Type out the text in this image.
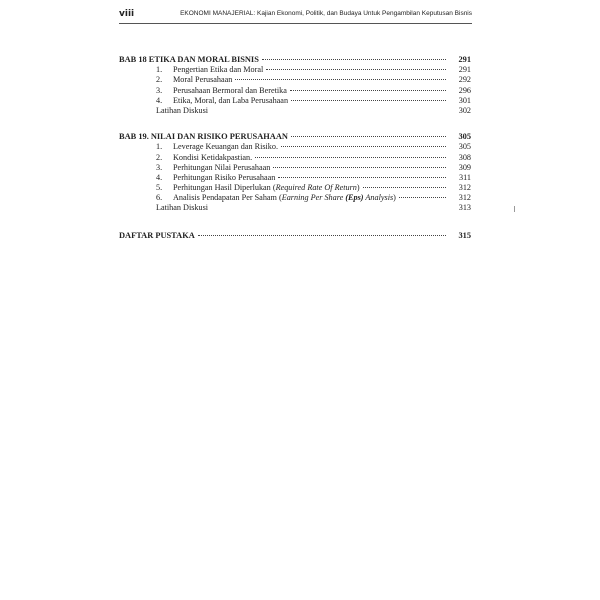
viii	EKONOMI MANAJERIAL: Kajian Ekonomi, Politik, dan Budaya Untuk Pengambilan Keputusan Bisnis
BAB 18 ETIKA DAN MORAL BISNIS	291
1. Pengertian Etika dan Moral	291
2. Moral Perusahaan	292
3. Perusahaan Bermoral dan Beretika	296
4. Etika, Moral, dan Laba Perusahaan	301
Latihan Diskusi	302
BAB 19. NILAI DAN RISIKO PERUSAHAAN	305
1. Leverage Keuangan dan Risiko.	305
2. Kondisi Ketidakpastian.	308
3. Perhitungan Nilai Perusahaan	309
4. Perhitungan Risiko Perusahaan	311
5. Perhitungan Hasil Diperlukan (Required Rate Of Return)	312
6. Analisis Pendapatan Per Saham (Earning Per Share (Eps) Analysis)	312
Latihan Diskusi	313
DAFTAR PUSTAKA	315
